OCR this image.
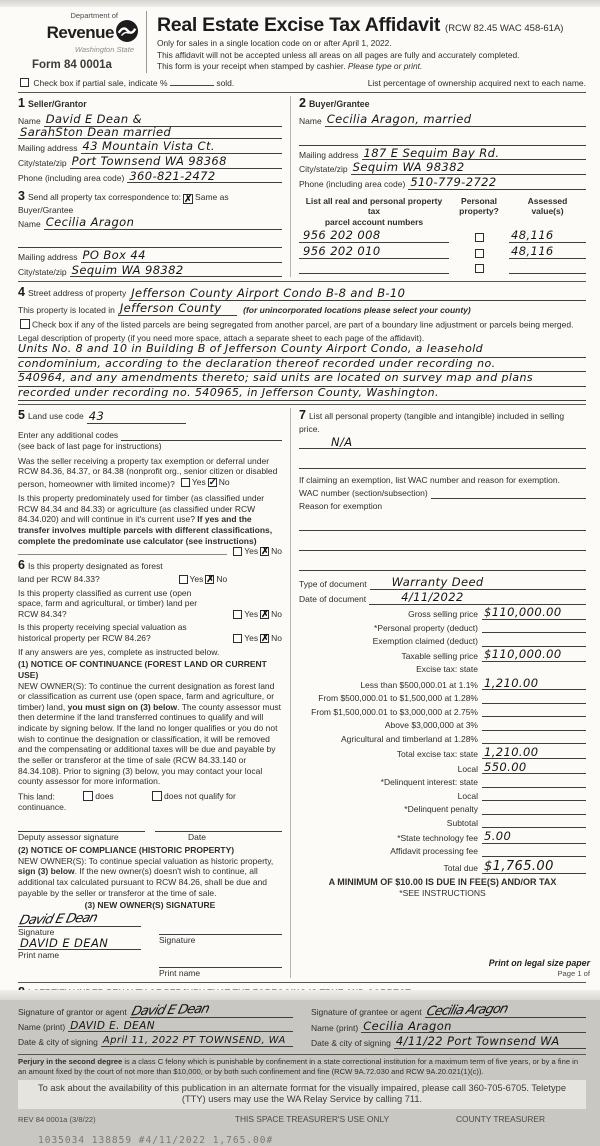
Department of
Revenue
Washington State
Form 84 0001a
Real Estate Excise Tax Affidavit (RCW 82.45 WAC 458-61A)
Only for sales in a single location code on or after April 1, 2022.
This affidavit will not be accepted unless all areas on all pages are fully and accurately completed.
This form is your receipt when stamped by cashier. Please type or print.
Check box if partial sale, indicate %	sold.	List percentage of ownership acquired next to each name.
1 Seller/Grantor
Name David E Dean &
SarahSton Dean married
Mailing address 43 Mountain Vista Ct.
City/state/zip Port Townsend WA 98368
Phone (including area code) 360-821-2472
3 Send all property tax correspondence to: ✗ Same as Buyer/Grantee
Name Cecilia Aragon
Mailing address PO Box 44
City/state/zip Sequim WA 98382
2 Buyer/Grantee
Name Cecilia Aragon, married
Mailing address 187 E Sequim Bay Rd.
City/state/zip Sequim WA 98382
Phone (including area code) 510-779-2722
List all real and personal property tax
parcel account numbers
Personal
property?
Assessed
value(s)
956 202 008	48,116
956 202 010	48,116
4 Street address of property Jefferson County Airport Condo B-8 and B-10
This property is located in Jefferson County	(for unincorporated locations please select your county)
Check box if any of the listed parcels are being segregated from another parcel, are part of a boundary line adjustment or parcels being merged.
Legal description of property (if you need more space, attach a separate sheet to each page of the affidavit).
Units No. 8 and 10 in Building B of Jefferson County Airport Condo, a leasehold
condominium, according to the declaration thereof recorded under recording no.
540964, and any amendments thereto; said units are located on survey map and plans
recorded under recording no. 540965, in Jefferson County, Washington.
5 Land use code 43
Enter any additional codes
(see back of last page for instructions)
Was the seller receiving a property tax exemption or deferral under RCW 84.36, 84.37, or 84.38 (nonprofit org., senior citizen or disabled person, homeowner with limited income)? Yes ✓ No
Is this property predominately used for timber (as classified under RCW 84.34 and 84.33) or agriculture (as classified under RCW 84.34.020) and will continue in it's current use? If yes and the transfer involves multiple parcels with different classifications, complete the predominate use calculator (see instructions)
Yes ✗ No
6 Is this property designated as forest land per RCW 84.33?	Yes ✗ No
Is this property classified as current use (open space, farm and agricultural, or timber) land per RCW 84.34?	Yes ✗ No
Is this property receiving special valuation as historical property per RCW 84.26?	Yes ✗ No
If any answers are yes, complete as instructed below.
(1) NOTICE OF CONTINUANCE (FOREST LAND OR CURRENT USE)
NEW OWNER(S): To continue the current designation as forest land or classification as current use (open space, farm and agriculture, or timber) land, you must sign on (3) below. The county assessor must then determine if the land transferred continues to qualify and will indicate by signing below. If the land no longer qualifies or you do not wish to continue the designation or classification, it will be removed and the compensating or additional taxes will be due and payable by the seller or transferor at the time of sale (RCW 84.33.140 or 84.34.108). Prior to signing (3) below, you may contact your local county assessor for more information.
This land:	does	does not qualify for
continuance.
Deputy assessor signature	Date
(2) NOTICE OF COMPLIANCE (HISTORIC PROPERTY)
NEW OWNER(S): To continue special valuation as historic property, sign (3) below. If the new owner(s) doesn't wish to continue, all additional tax calculated pursuant to RCW 84.26, shall be due and payable by the seller or transferor at the time of sale.
(3) NEW OWNER(S) SIGNATURE
David E Dean
Signature
DAVID E DEAN
Print name
Signature
Print name
7 List all personal property (tangible and intangible) included in selling price.
N/A
If claiming an exemption, list WAC number and reason for exemption.
WAC number (section/subsection)
Reason for exemption
Type of document	Warranty Deed
Date of document	4/11/2022
Gross selling price $110,000.00
*Personal property (deduct)
Exemption claimed (deduct)
Taxable selling price $110,000.00
Excise tax: state
Less than $500,000.01 at 1.1% 1,210.00
From $500,000.01 to $1,500,000 at 1.28%
From $1,500,000.01 to $3,000,000 at 2.75%
Above $3,000,000 at 3%
Agricultural and timberland at 1.28%
Total excise tax: state 1,210.00
Local 550.00
*Delinquent interest: state
Local
*Delinquent penalty
Subtotal
*State technology fee 5.00
Affidavit processing fee
Total due $1,765.00
A MINIMUM OF $10.00 IS DUE IN FEE(S) AND/OR TAX
*SEE INSTRUCTIONS
Signature of grantor or agent David E Dean
Name (print) DAVID E. DEAN
Date & city of signing April 11, 2022 PT TOWNSEND, WA
Signature of grantee or agent Cecilia Aragon
Name (print) Cecilia Aragon
Date & city of signing 4/11/22 Port Townsend WA
Perjury in the second degree is a class C felony which is punishable by confinement in a state correctional institution for a maximum term of five years, or by a fine in an amount fixed by the court of not more than $10,000, or by both such confinement and fine (RCW 9A.72.030 and RCW 9A.20.021(1)(c)).
To ask about the availability of this publication in an alternate format for the visually impaired, please call 360-705-6705. Teletype
(TTY) users may use the WA Relay Service by calling 711.
REV 84 0001a (3/8/22)	THIS SPACE TREASURER'S USE ONLY	COUNTY TREASURER
1035034 138859 #4/11/2022 1,765.00#
Print on legal size paper
Page 1 of
